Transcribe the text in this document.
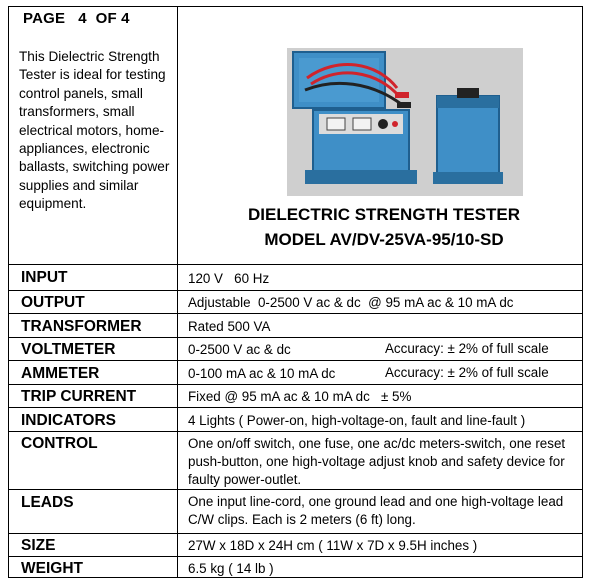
PAGE   4  OF 4
This Dielectric Strength Tester is ideal for testing control panels, small transformers, small electrical motors, home-appliances, electronic ballasts, switching power supplies and similar equipment.
DIELECTRIC STRENGTH TESTER
MODEL AV/DV-25VA-95/10-SD
INPUT	120 V   60 Hz
OUTPUT	Adjustable  0-2500 V ac & dc  @ 95 mA ac & 10 mA dc
TRANSFORMER	Rated 500 VA
VOLTMETER	0-2500 V ac & dc	Accuracy: ± 2% of full scale
AMMETER	0-100 mA ac & 10 mA dc	Accuracy: ± 2% of full scale
TRIP CURRENT	Fixed @ 95 mA ac & 10 mA dc   ± 5%
INDICATORS	4 Lights ( Power-on, high-voltage-on, fault and line-fault )
CONTROL	One on/off switch, one fuse, one ac/dc meters-switch, one reset push-button, one high-voltage adjust knob and safety device for faulty power-outlet.
LEADS	One input line-cord, one ground lead and one high-voltage lead C/W clips. Each is 2 meters (6 ft) long.
SIZE	27W x 18D x 24H cm ( 11W x 7D x 9.5H inches )
WEIGHT	6.5 kg ( 14 lb )
